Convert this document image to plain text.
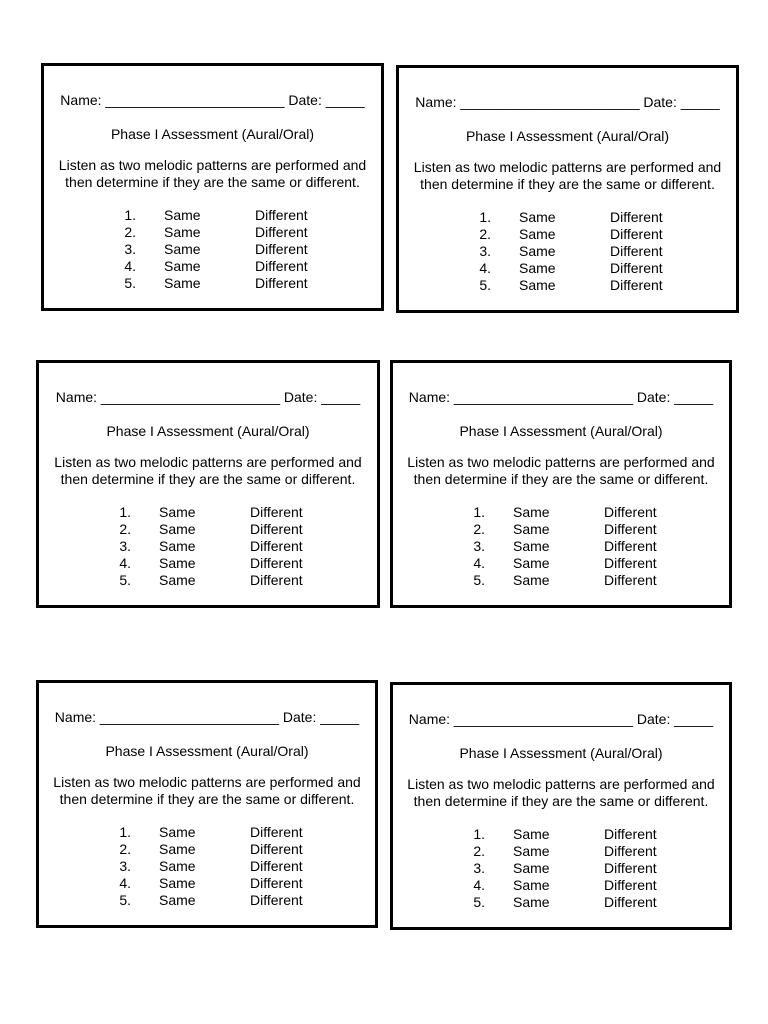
Name: _______________________ Date: _____
Phase I Assessment (Aural/Oral)
Listen as two melodic patterns are performed and
then determine if they are the same or different.
1. Same	Different
2. Same	Different
3. Same	Different
4. Same	Different
5. Same	Different
Name: _______________________ Date: _____
Phase I Assessment (Aural/Oral)
Listen as two melodic patterns are performed and
then determine if they are the same or different.
1. Same	Different
2. Same	Different
3. Same	Different
4. Same	Different
5. Same	Different
Name: _______________________ Date: _____
Phase I Assessment (Aural/Oral)
Listen as two melodic patterns are performed and
then determine if they are the same or different.
1. Same	Different
2. Same	Different
3. Same	Different
4. Same	Different
5. Same	Different
Name: _______________________ Date: _____
Phase I Assessment (Aural/Oral)
Listen as two melodic patterns are performed and
then determine if they are the same or different.
1. Same	Different
2. Same	Different
3. Same	Different
4. Same	Different
5. Same	Different
Name: _______________________ Date: _____
Phase I Assessment (Aural/Oral)
Listen as two melodic patterns are performed and
then determine if they are the same or different.
1. Same	Different
2. Same	Different
3. Same	Different
4. Same	Different
5. Same	Different
Name: _______________________ Date: _____
Phase I Assessment (Aural/Oral)
Listen as two melodic patterns are performed and
then determine if they are the same or different.
1. Same	Different
2. Same	Different
3. Same	Different
4. Same	Different
5. Same	Different
